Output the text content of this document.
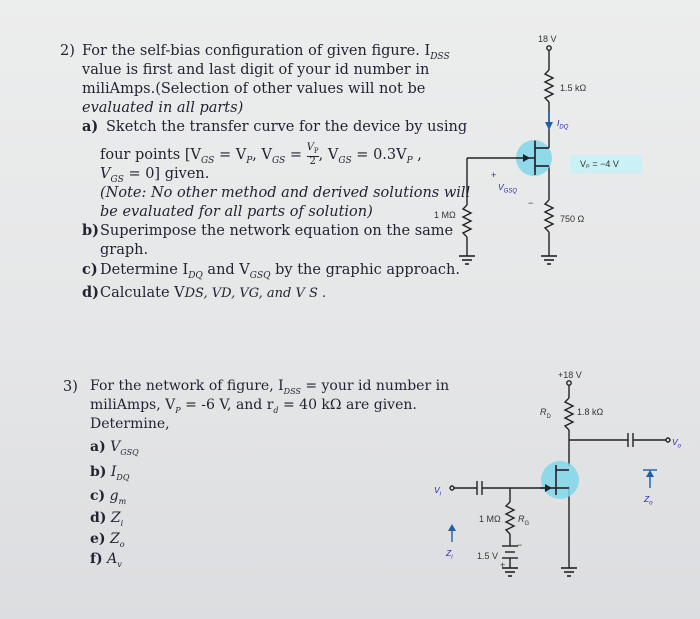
2) For the self-bias configuration of given figure. $I_{DSS}$
value is first and last digit of your id number in
miliAmps.(Selection of other values will not be
evaluated in all parts)
a) Sketch the transfer curve for the device by using
four points [$V_{GS} = V_P$, $V_{GS} = \frac{V_P}{2}$ , $V_{GS} = 0.3V_P$ ,
$V_{GS} = 0$] given.
(Note: No other method and derived solutions will
be evaluated for all parts of solution)
b) Superimpose the network equation on the same
graph.
c) Determine $I_{DQ}$ and $V_{GSQ}$ by the graphic approach.
d) Calculate VDS, VD, VG, and V S .
18 V
1.5 kΩ
$I_{DQ}$
Vₚ = −4 V
+
$V_{GSQ}$
−
1 MΩ	750 Ω
3) For the network of figure, $I_{DSS}$ = your id number in
miliAmps, $V_P = -6$ V, and $r_d = 40$ kΩ are given.
Determine,
a) $V_{GSQ}$
b) $I_{DQ}$
c) $g_m$
d) $Z_i$
e) $Z_o$
f) $A_v$
+18 V
$R_D$	1.8 kΩ
$V_o$
$V_i$
$Z_i$
$Z_o$
1 MΩ $R_G$
−
1.5 V
+
